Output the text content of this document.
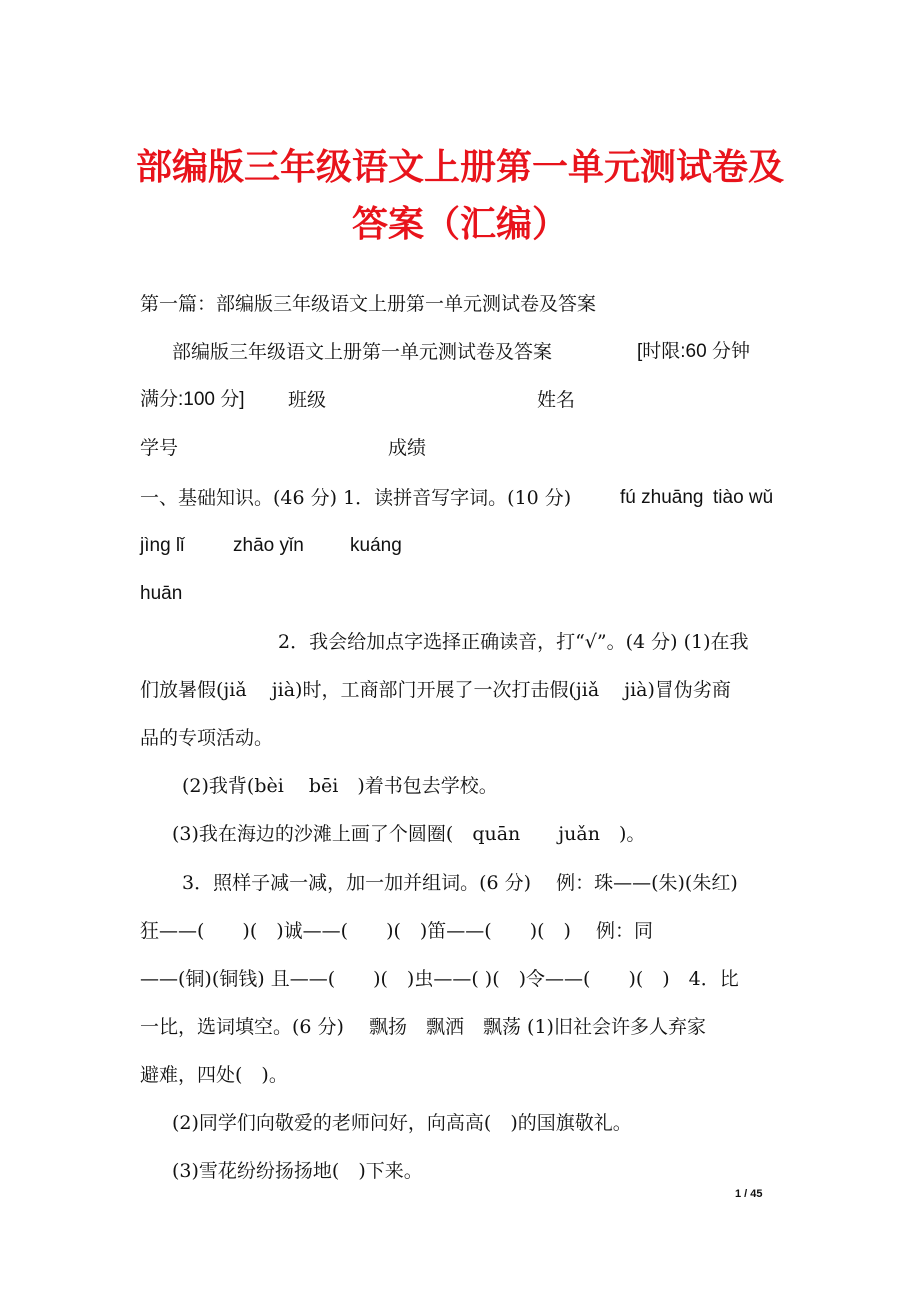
部编版三年级语文上册第一单元测试卷及
答案（汇编）
第一篇：部编版三年级语文上册第一单元测试卷及答案
部编版三年级语文上册第一单元测试卷及答案	[时限:60 分钟
满分:100 分] 班级	姓名
学号	成绩
一、基础知识。(46 分) 1．读拼音写字词。(10 分)	fú zhuāng tiào wǔ
jìng lǐ	zhāo yǐn kuáng
huān
2．我会给加点字选择正确读音，打“√”。(4 分) (1)在我
们放暑假(jiǎ　 jià)时，工商部门开展了一次打击假(jiǎ　 jià)冒伪劣商
品的专项活动。
(2)我背(bèi　 bēi　)着书包去学校。
(3)我在海边的沙滩上画了个圆圈(　quān　　juǎn　)。
3．照样子减一减，加一加并组词。(6 分)　 例：珠——(朱)(朱红)
狂——(　　)(　)诚——(　　)(　)笛——(　　)(　)　 例：同
——(铜)(铜钱) 且——(　　)(　)虫——( )(　)令——(　　)(　)　4．比
一比，选词填空。(6 分)　 飘扬　飘洒　飘荡 (1)旧社会许多人弃家
避难，四处(　)。
(2)同学们向敬爱的老师问好，向高高(　)的国旗敬礼。
(3)雪花纷纷扬扬地(　)下来。
1 / 45
